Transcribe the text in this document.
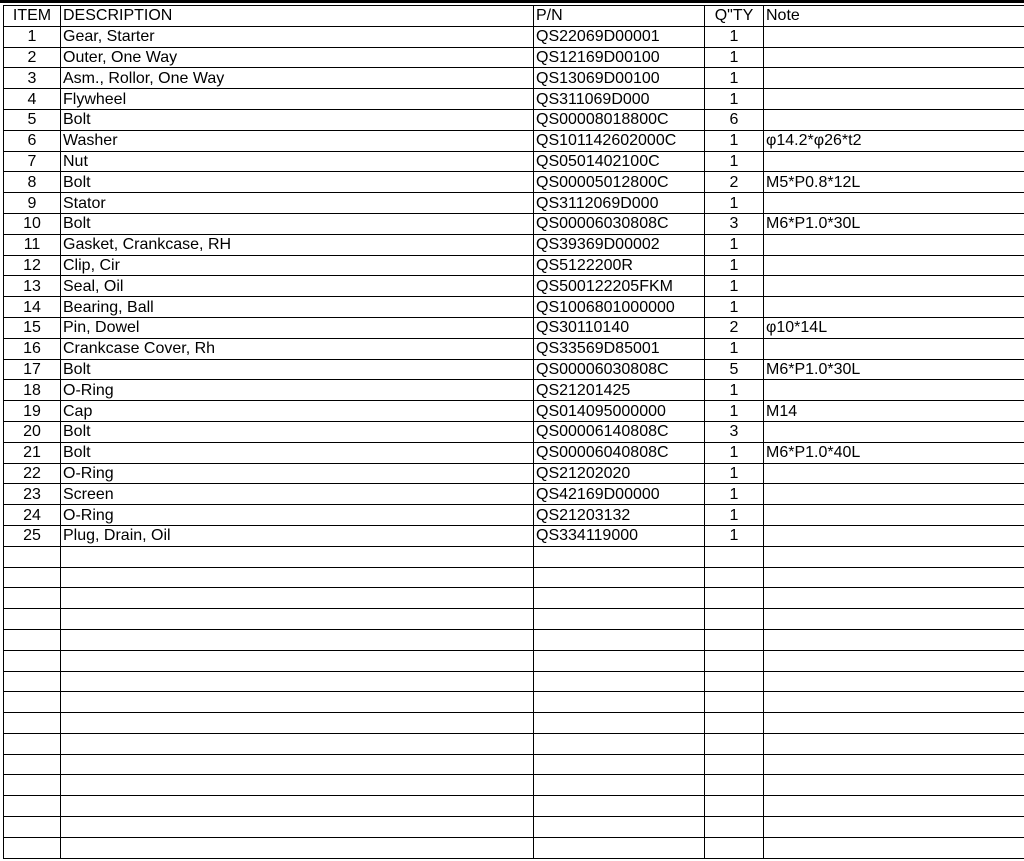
ITEM	DESCRIPTION	P/N	Q"TY	Note
1	Gear, Starter	QS22069D00001	1	
2	Outer, One Way	QS12169D00100	1	
3	Asm., Rollor, One Way	QS13069D00100	1	
4	Flywheel	QS311069D000	1	
5	Bolt	QS00008018800C	6	
6	Washer	QS101142602000C	1	φ14.2*φ26*t2
7	Nut	QS0501402100C	1	
8	Bolt	QS00005012800C	2	M5*P0.8*12L
9	Stator	QS3112069D000	1	
10	Bolt	QS00006030808C	3	M6*P1.0*30L
11	Gasket, Crankcase, RH	QS39369D00002	1	
12	Clip, Cir	QS5122200R	1	
13	Seal, Oil	QS500122205FKM	1	
14	Bearing, Ball	QS1006801000000	1	
15	Pin, Dowel	QS30110140	2	φ10*14L
16	Crankcase Cover, Rh	QS33569D85001	1	
17	Bolt	QS00006030808C	5	M6*P1.0*30L
18	O-Ring	QS21201425	1	
19	Cap	QS014095000000	1	M14
20	Bolt	QS00006140808C	3	
21	Bolt	QS00006040808C	1	M6*P1.0*40L
22	O-Ring	QS21202020	1	
23	Screen	QS42169D00000	1	
24	O-Ring	QS21203132	1	
25	Plug, Drain, Oil	QS334119000	1	
